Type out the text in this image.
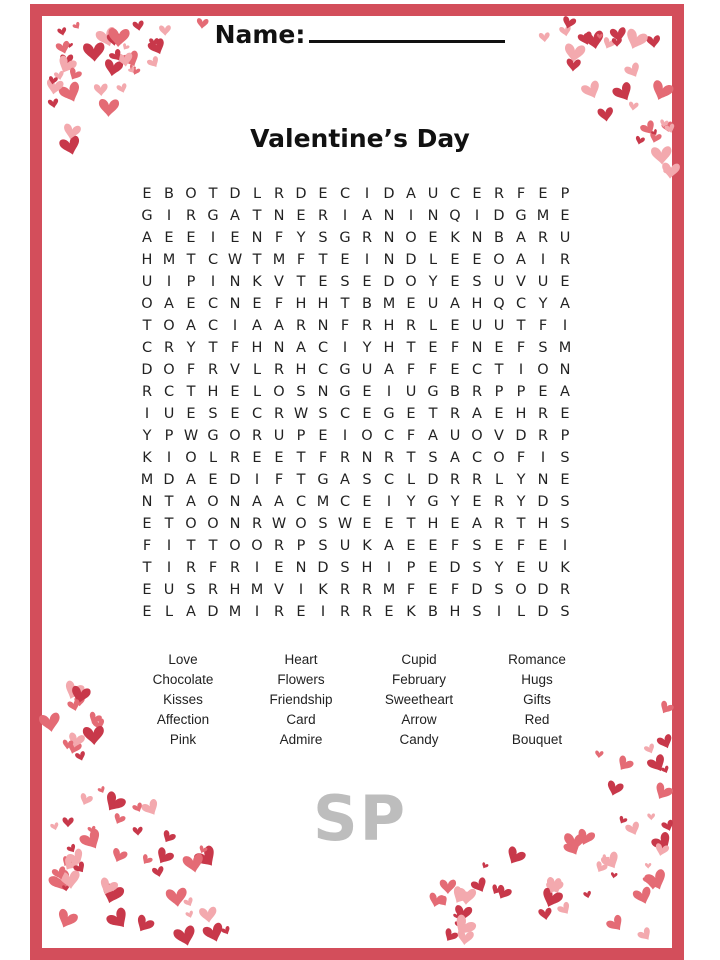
Name:
Valentine’s Day
E B O T D L R D E C	I D A U C E R F E P
G I	R G A T N E R	I	A N I N Q I D G M E
A E E	I	E N F Y S G R N O E K N B A R U
H M T C W T M F T E	I N D L E E O A	I	R
U	I	P	I N K V T E S E D O Y E S U V U E
O A E C N E F H H T B M E U A H Q C Y A
T O A C	I	A A R N F R H R L E U U T F	I
C R Y T F H N A C	I	Y H T E F N E F S M
D O F R V L R H C G U A F F E C T	I O N
R C T H E L O S N G E	I	U G B R P P E A
I	U E S E C R W S C E G E T R A E H R E
Y P W G O R U P E	I O C F A U O V D R P
K	I O L R E E T F R N R T S A C O F	I	S
M D A E D I	F T G A S C L D R R L Y N E
N T A O N A A C M C E	I	Y G Y E R Y D S
E T O O N R W O S W E E T H E A R T H S
F	I	T T O O R P S U K A E E F S E F E	I
T	I	R F R	I	E N D S H I	P E D S Y E U K
E U S R H M V	I	K R R M F E F D S O D R
E L A D M I	R E	I	R R E K B H S	I	L D S
Love	Heart	Cupid	Romance
Chocolate	Flowers	February	Hugs
Kisses	Friendship	Sweetheart	Gifts
Affection	Card	Arrow	Red
Pink	Admire	Candy	Bouquet
SP
